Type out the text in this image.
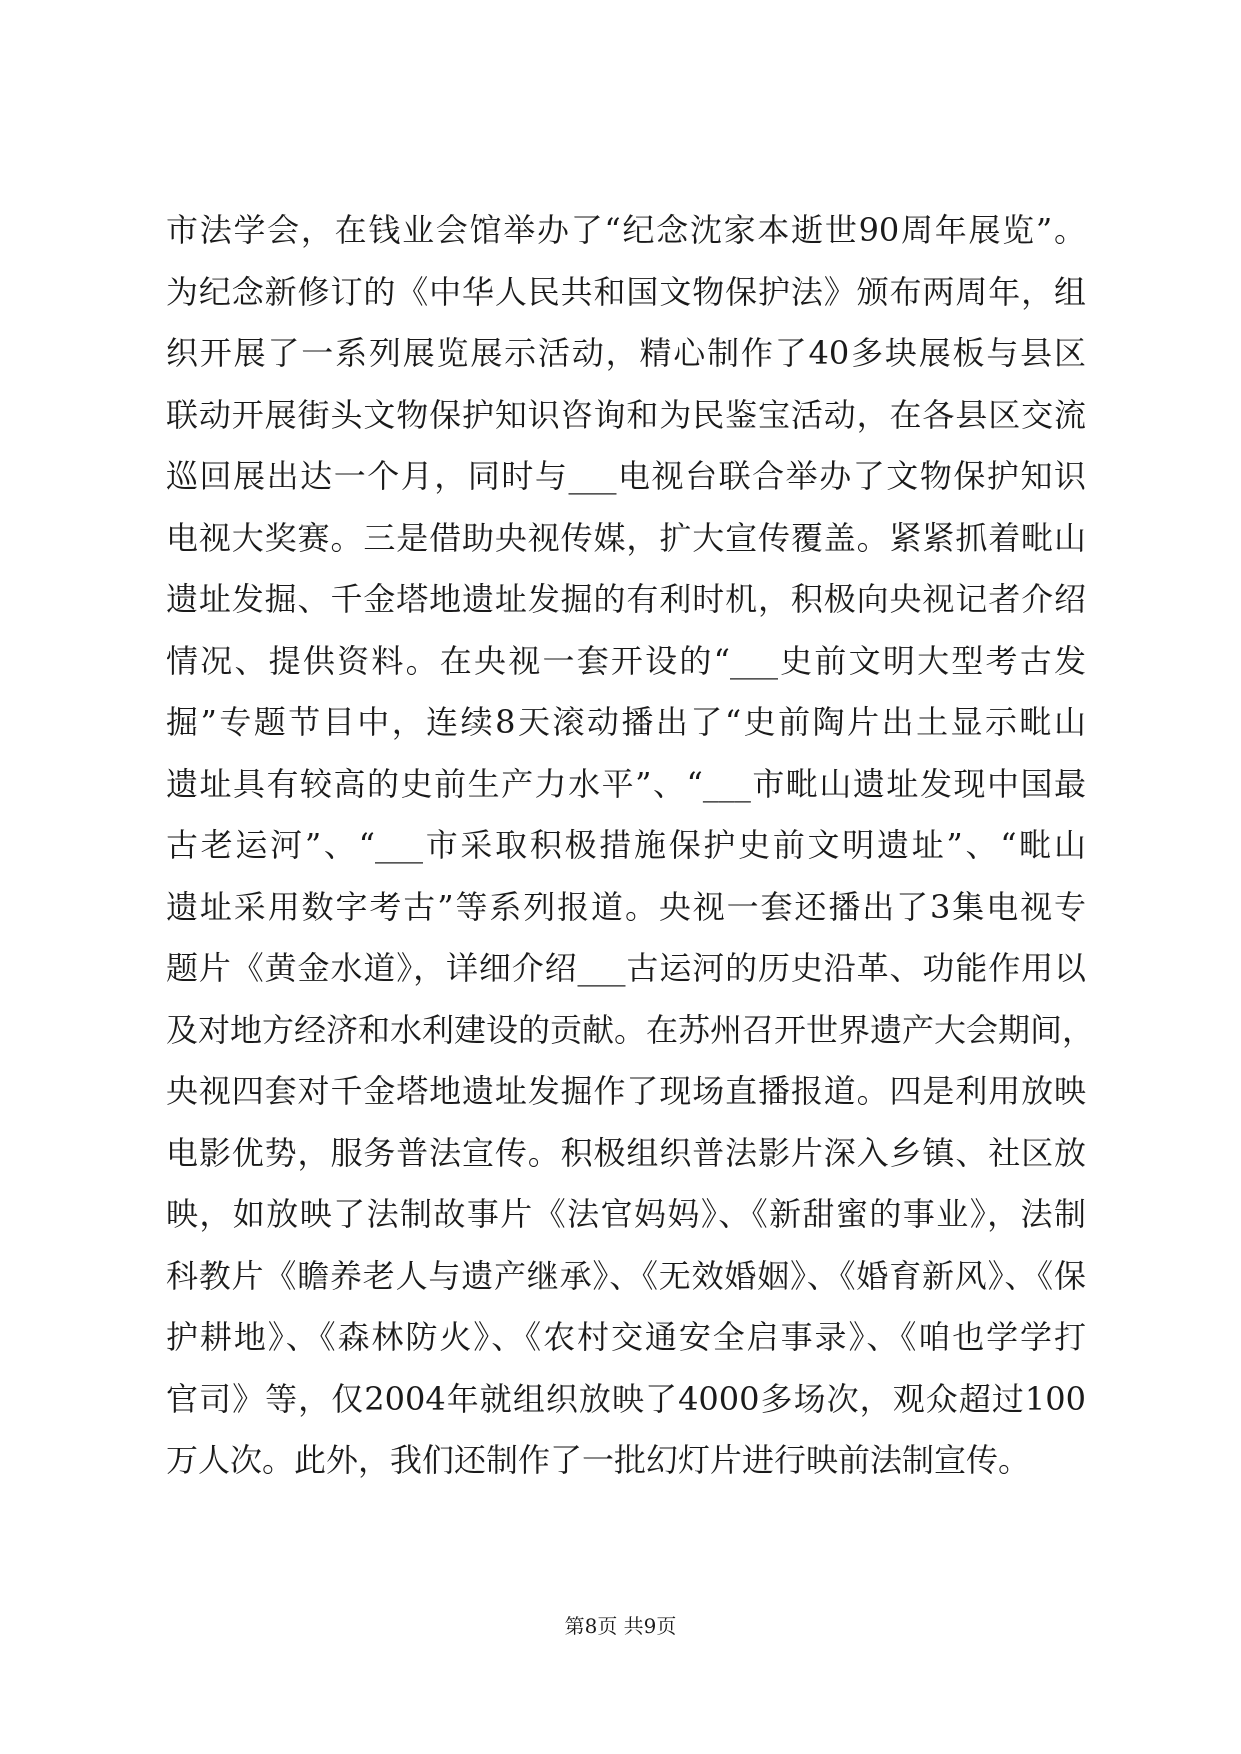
市法学会，在钱业会馆举办了“纪念沈家本逝世90周年展览”。
为纪念新修订的《中华人民共和国文物保护法》颁布两周年，组
织开展了一系列展览展示活动，精心制作了40多块展板与县区
联动开展街头文物保护知识咨询和为民鉴宝活动，在各县区交流
巡回展出达一个月，同时与___电视台联合举办了文物保护知识
电视大奖赛。三是借助央视传媒，扩大宣传覆盖。紧紧抓着毗山
遗址发掘、千金塔地遗址发掘的有利时机，积极向央视记者介绍
情况、提供资料。在央视一套开设的“___史前文明大型考古发
掘”专题节目中，连续8天滚动播出了“史前陶片出土显示毗山
遗址具有较高的史前生产力水平”、“___市毗山遗址发现中国最
古老运河”、“___市采取积极措施保护史前文明遗址”、“毗山
遗址采用数字考古”等系列报道。央视一套还播出了3集电视专
题片《黄金水道》，详细介绍___古运河的历史沿革、功能作用以
及对地方经济和水利建设的贡献。在苏州召开世界遗产大会期间，
央视四套对千金塔地遗址发掘作了现场直播报道。四是利用放映
电影优势，服务普法宣传。积极组织普法影片深入乡镇、社区放
映，如放映了法制故事片《法官妈妈》、《新甜蜜的事业》，法制
科教片《瞻养老人与遗产继承》、《无效婚姻》、《婚育新风》、《保
护耕地》、《森林防火》、《农村交通安全启事录》、《咱也学学打
官司》等，仅2004年就组织放映了4000多场次，观众超过100
万人次。此外，我们还制作了一批幻灯片进行映前法制宣传。
第8页 共9页
